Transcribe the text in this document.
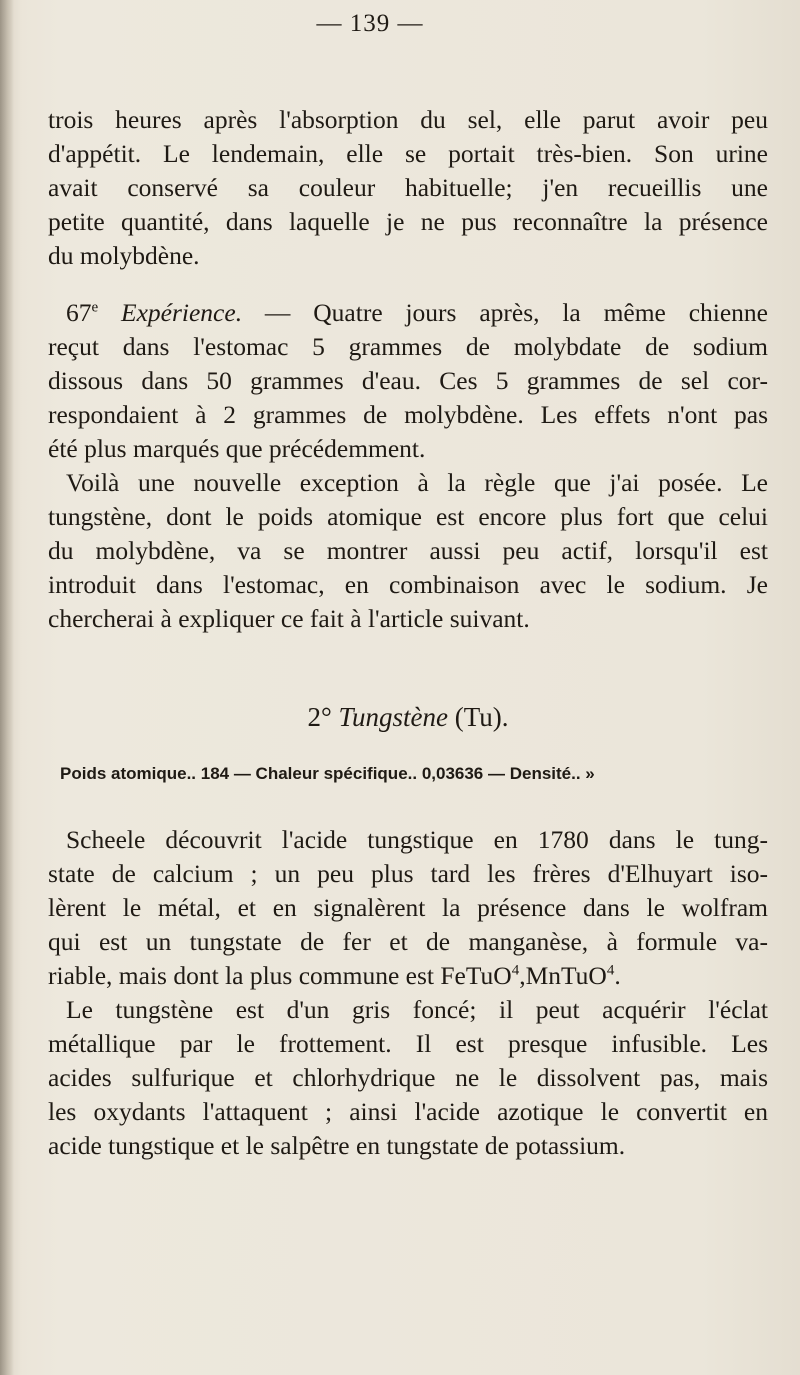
— 139 —
trois heures après l'absorption du sel, elle parut avoir peu
d'appétit. Le lendemain, elle se portait très-bien. Son urine
avait conservé sa couleur habituelle; j'en recueillis une
petite quantité, dans laquelle je ne pus reconnaître la présence
du molybdène.
67e Expérience. — Quatre jours après, la même chienne
reçut dans l'estomac 5 grammes de molybdate de sodium
dissous dans 50 grammes d'eau. Ces 5 grammes de sel cor-
respondaient à 2 grammes de molybdène. Les effets n'ont pas
été plus marqués que précédemment.
Voilà une nouvelle exception à la règle que j'ai posée. Le
tungstène, dont le poids atomique est encore plus fort que celui
du molybdène, va se montrer aussi peu actif, lorsqu'il est
introduit dans l'estomac, en combinaison avec le sodium. Je
chercherai à expliquer ce fait à l'article suivant.
2° Tungstène (Tu).
Poids atomique.. 184 — Chaleur spécifique.. 0,03636 — Densité.. »
Scheele découvrit l'acide tungstique en 1780 dans le tung-
state de calcium ; un peu plus tard les frères d'Elhuyart iso-
lèrent le métal, et en signalèrent la présence dans le wolfram
qui est un tungstate de fer et de manganèse, à formule va-
riable, mais dont la plus commune est FeTuO$^4$,MnTuO$^4$.
Le tungstène est d'un gris foncé; il peut acquérir l'éclat
métallique par le frottement. Il est presque infusible. Les
acides sulfurique et chlorhydrique ne le dissolvent pas, mais
les oxydants l'attaquent ; ainsi l'acide azotique le convertit en
acide tungstique et le salpêtre en tungstate de potassium.
